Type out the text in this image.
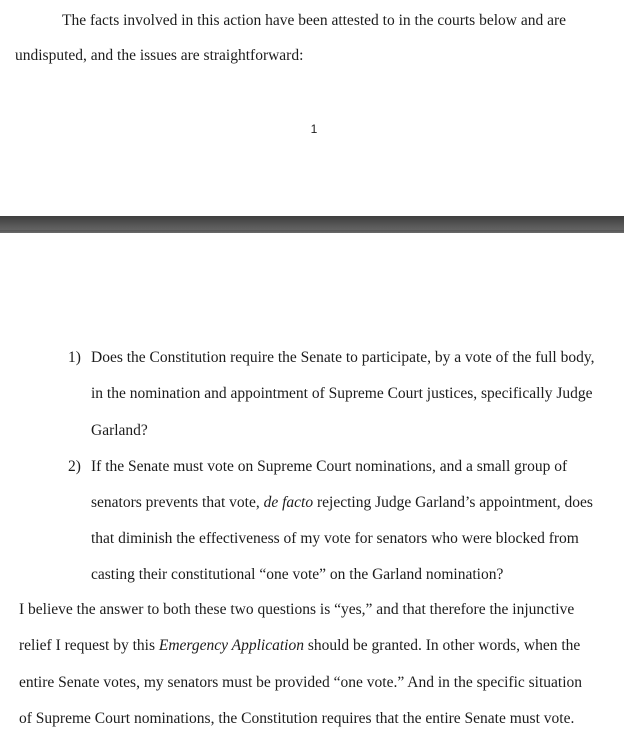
The facts involved in this action have been attested to in the courts below and are

undisputed, and the issues are straightforward:

1
1) Does the Constitution require the Senate to participate, by a vote of the full body,

in the nomination and appointment of Supreme Court justices, specifically Judge

Garland?

2) If the Senate must vote on Supreme Court nominations, and a small group of

senators prevents that vote, de facto rejecting Judge Garland’s appointment, does

that diminish the effectiveness of my vote for senators who were blocked from

casting their constitutional “one vote” on the Garland nomination?

I believe the answer to both these two questions is “yes,” and that therefore the injunctive

relief I request by this Emergency Application should be granted. In other words, when the

entire Senate votes, my senators must be provided “one vote.” And in the specific situation

of Supreme Court nominations, the Constitution requires that the entire Senate must vote.
